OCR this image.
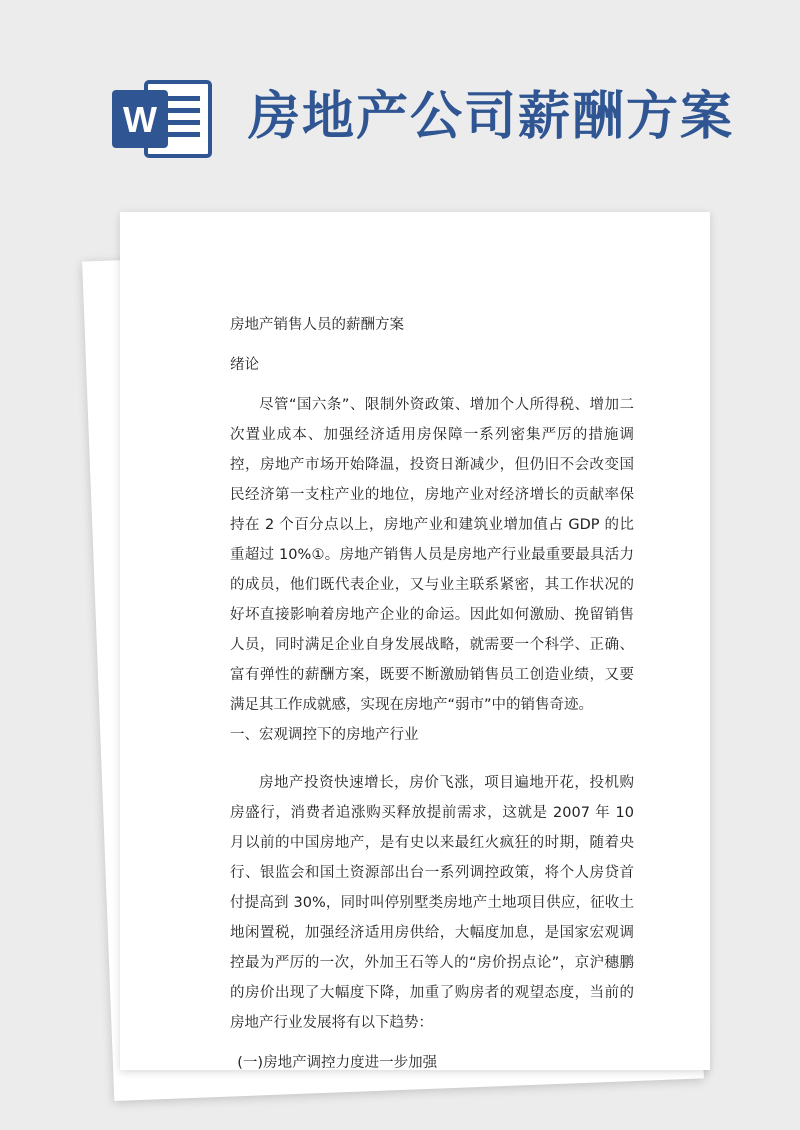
W 房地产公司薪酬方案

房地产销售人员的薪酬方案

绪论

尽管“国六条”、限制外资政策、增加个人所得税、增加二次置业成本、加强经济适用房保障一系列密集严厉的措施调控，房地产市场开始降温，投资日渐减少，但仍旧不会改变国民经济第一支柱产业的地位，房地产业对经济增长的贡献率保持在 2 个百分点以上，房地产业和建筑业增加值占 GDP 的比重超过 10%①。房地产销售人员是房地产行业最重要最具活力的成员，他们既代表企业，又与业主联系紧密，其工作状况的好坏直接影响着房地产企业的命运。因此如何激励、挽留销售人员，同时满足企业自身发展战略，就需要一个科学、正确、富有弹性的薪酬方案，既要不断激励销售员工创造业绩，又要满足其工作成就感，实现在房地产“弱市”中的销售奇迹。

一、宏观调控下的房地产行业

房地产投资快速增长，房价飞涨，项目遍地开花，投机购房盛行，消费者追涨购买释放提前需求，这就是 2007 年 10 月以前的中国房地产，是有史以来最红火疯狂的时期，随着央行、银监会和国土资源部出台一系列调控政策，将个人房贷首付提高到 30%，同时叫停别墅类房地产土地项目供应，征收土地闲置税，加强经济适用房供给，大幅度加息，是国家宏观调控最为严厉的一次，外加王石等人的“房价拐点论”，京沪穗鹏的房价出现了大幅度下降，加重了购房者的观望态度，当前的房地产行业发展将有以下趋势：

(一)房地产调控力度进一步加强
